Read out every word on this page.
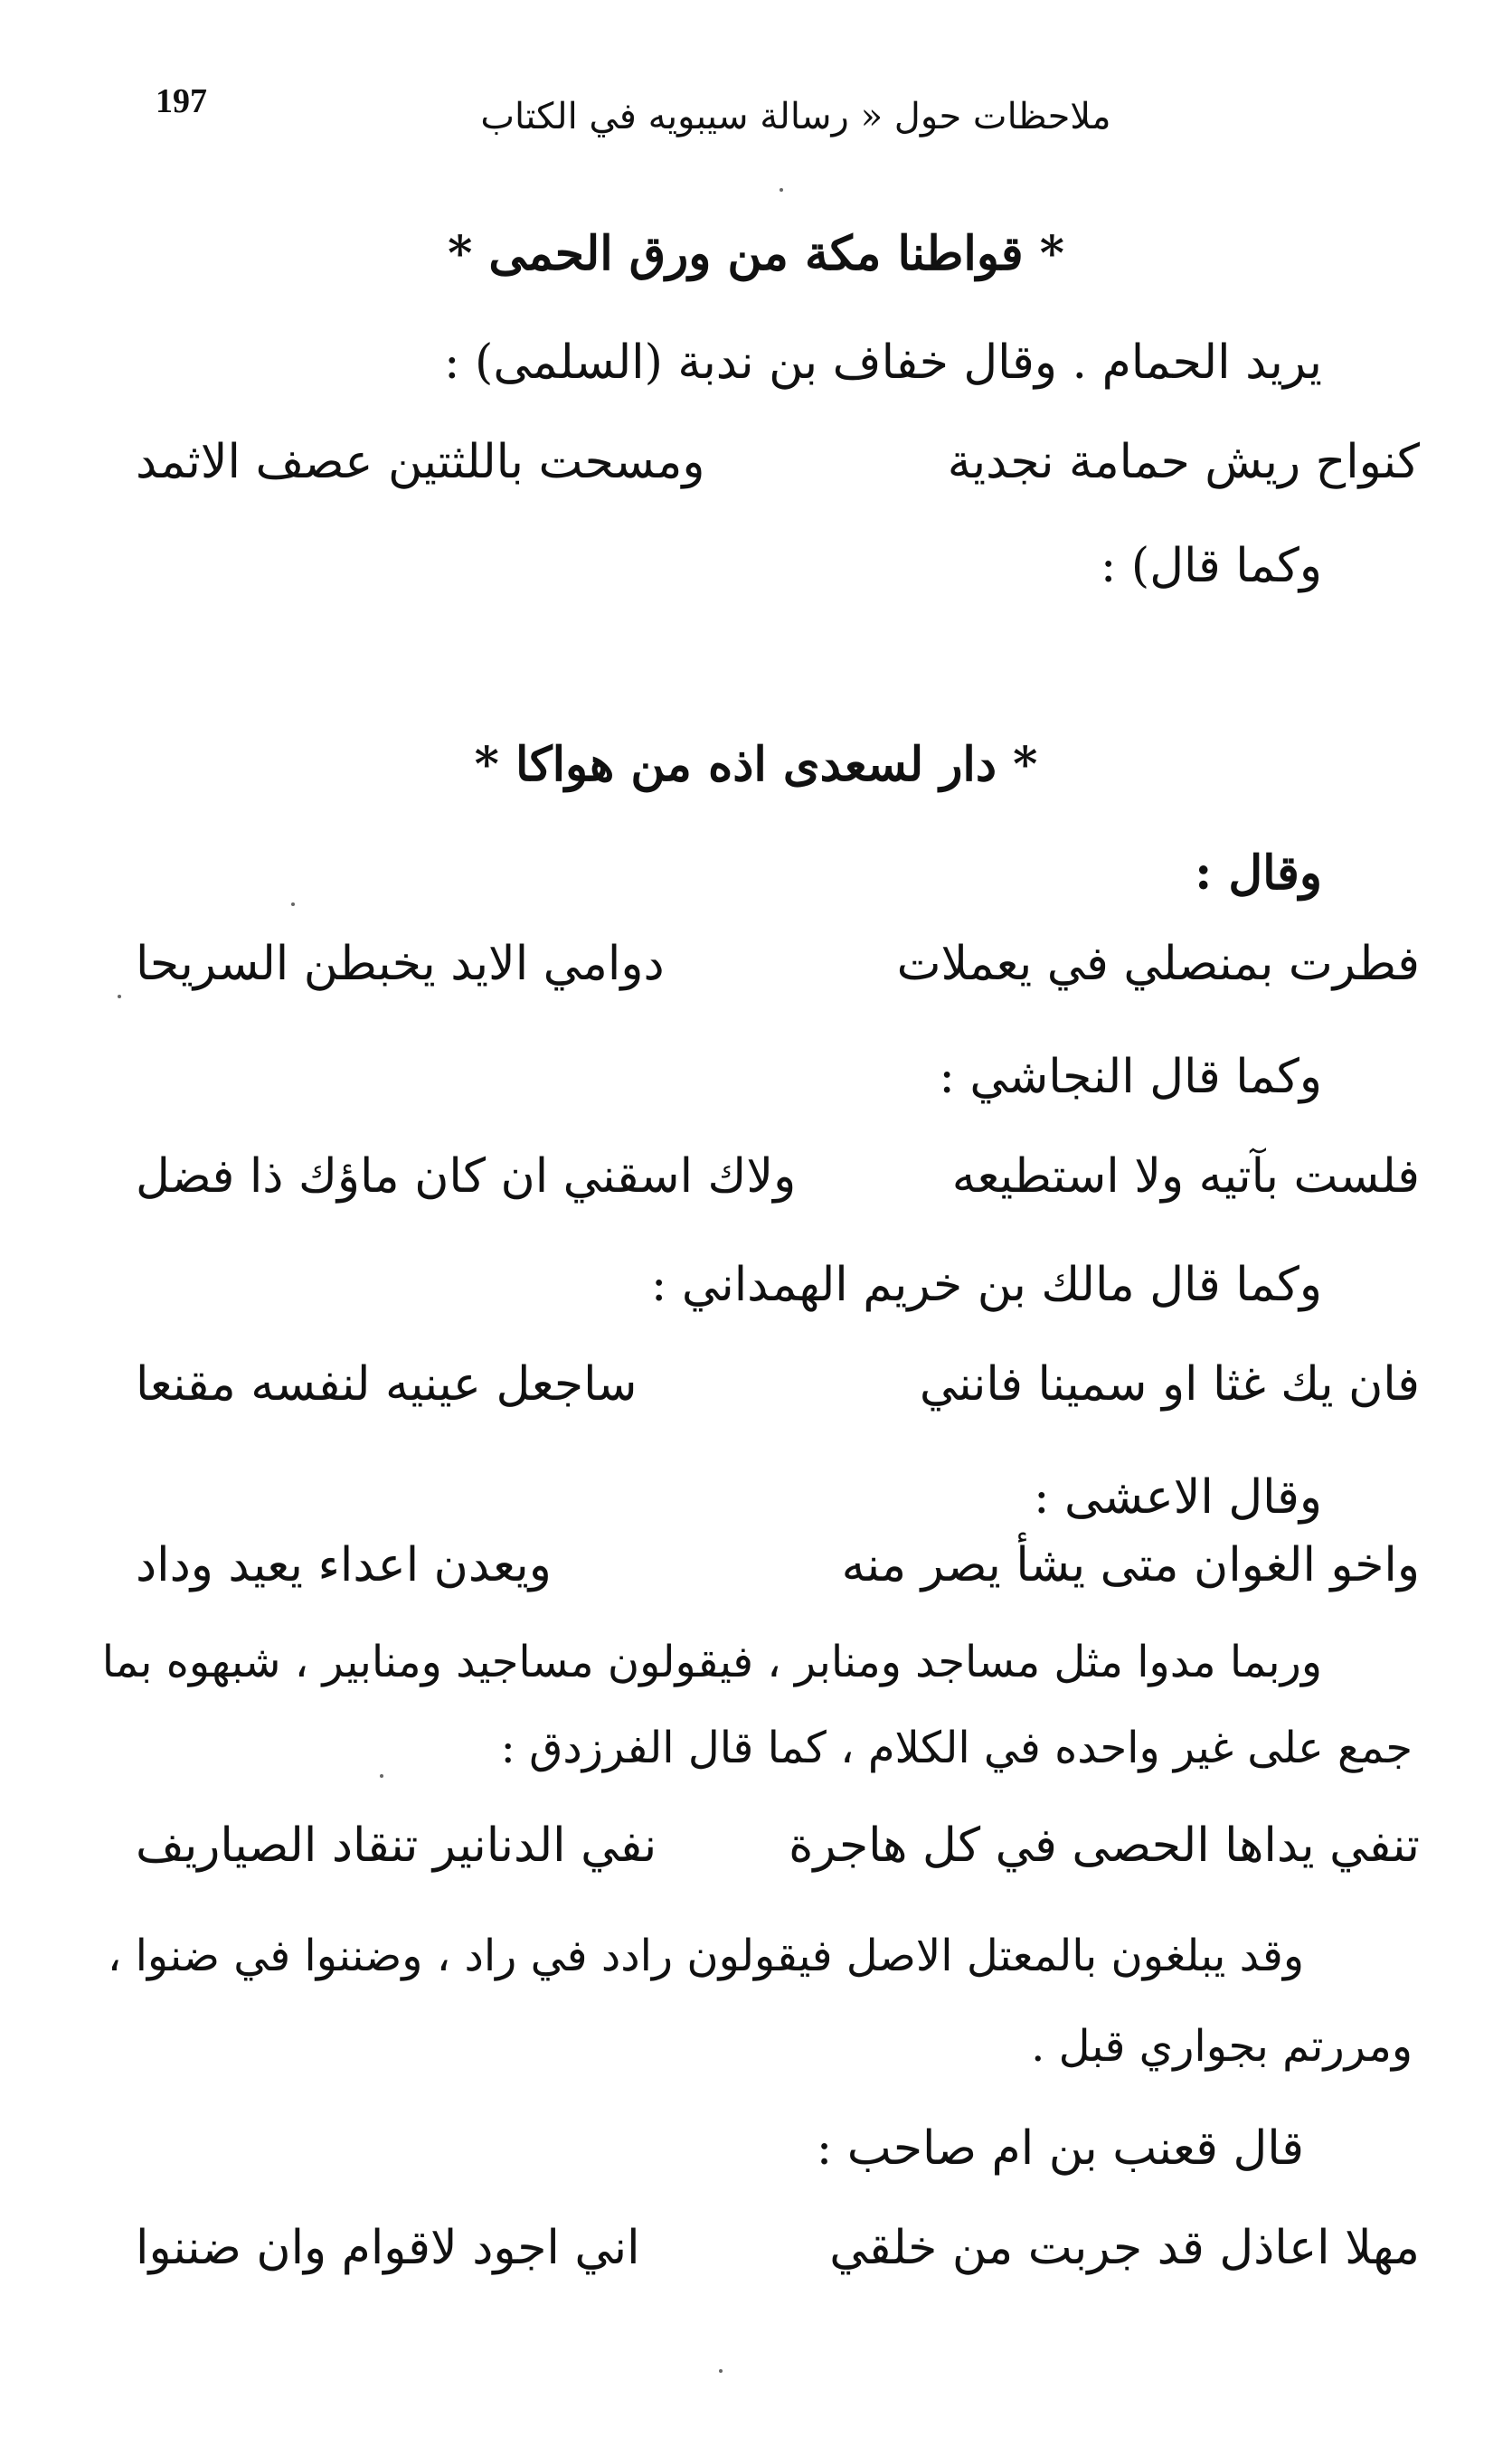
197	ملاحظات حول « رسالة سيبويه في الكتاب
* قواطنا مكة من ورق الحمى *
يريد الحمام . وقال خفاف بن ندبة (السلمى) :
كنواح ريش حمامة نجدية
ومسحت باللثتين عصف الاثمد
وكما قال) :
* دار لسعدى اذه من هواكا *
وقال :
فطرت بمنصلي في يعملات
دوامي الايد يخبطن السريحا
وكما قال النجاشي :
فلست بآتيه ولا استطيعه
ولاك اسقني ان كان ماؤك ذا فضل
وكما قال مالك بن خريم الهمداني :
فان يك غثا او سمينا فانني
ساجعل عينيه لنفسه مقنعا
وقال الاعشى :
واخو الغوان متى يشأ يصر منه
ويعدن اعداء يعيد وداد
وربما مدوا مثل مساجد ومنابر ، فيقولون مساجيد ومنابير ، شبهوه بما
جمع على غير واحده في الكلام ، كما قال الفرزدق :
تنفي يداها الحصى في كل هاجرة
نفي الدنانير تنقاد الصياريف
وقد يبلغون بالمعتل الاصل فيقولون رادد في راد ، وضننوا في ضنوا ،
ومررتم بجواري قبل .
قال قعنب بن ام صاحب :
مهلا اعاذل قد جربت من خلقي
اني اجود لاقوام وان ضننوا
